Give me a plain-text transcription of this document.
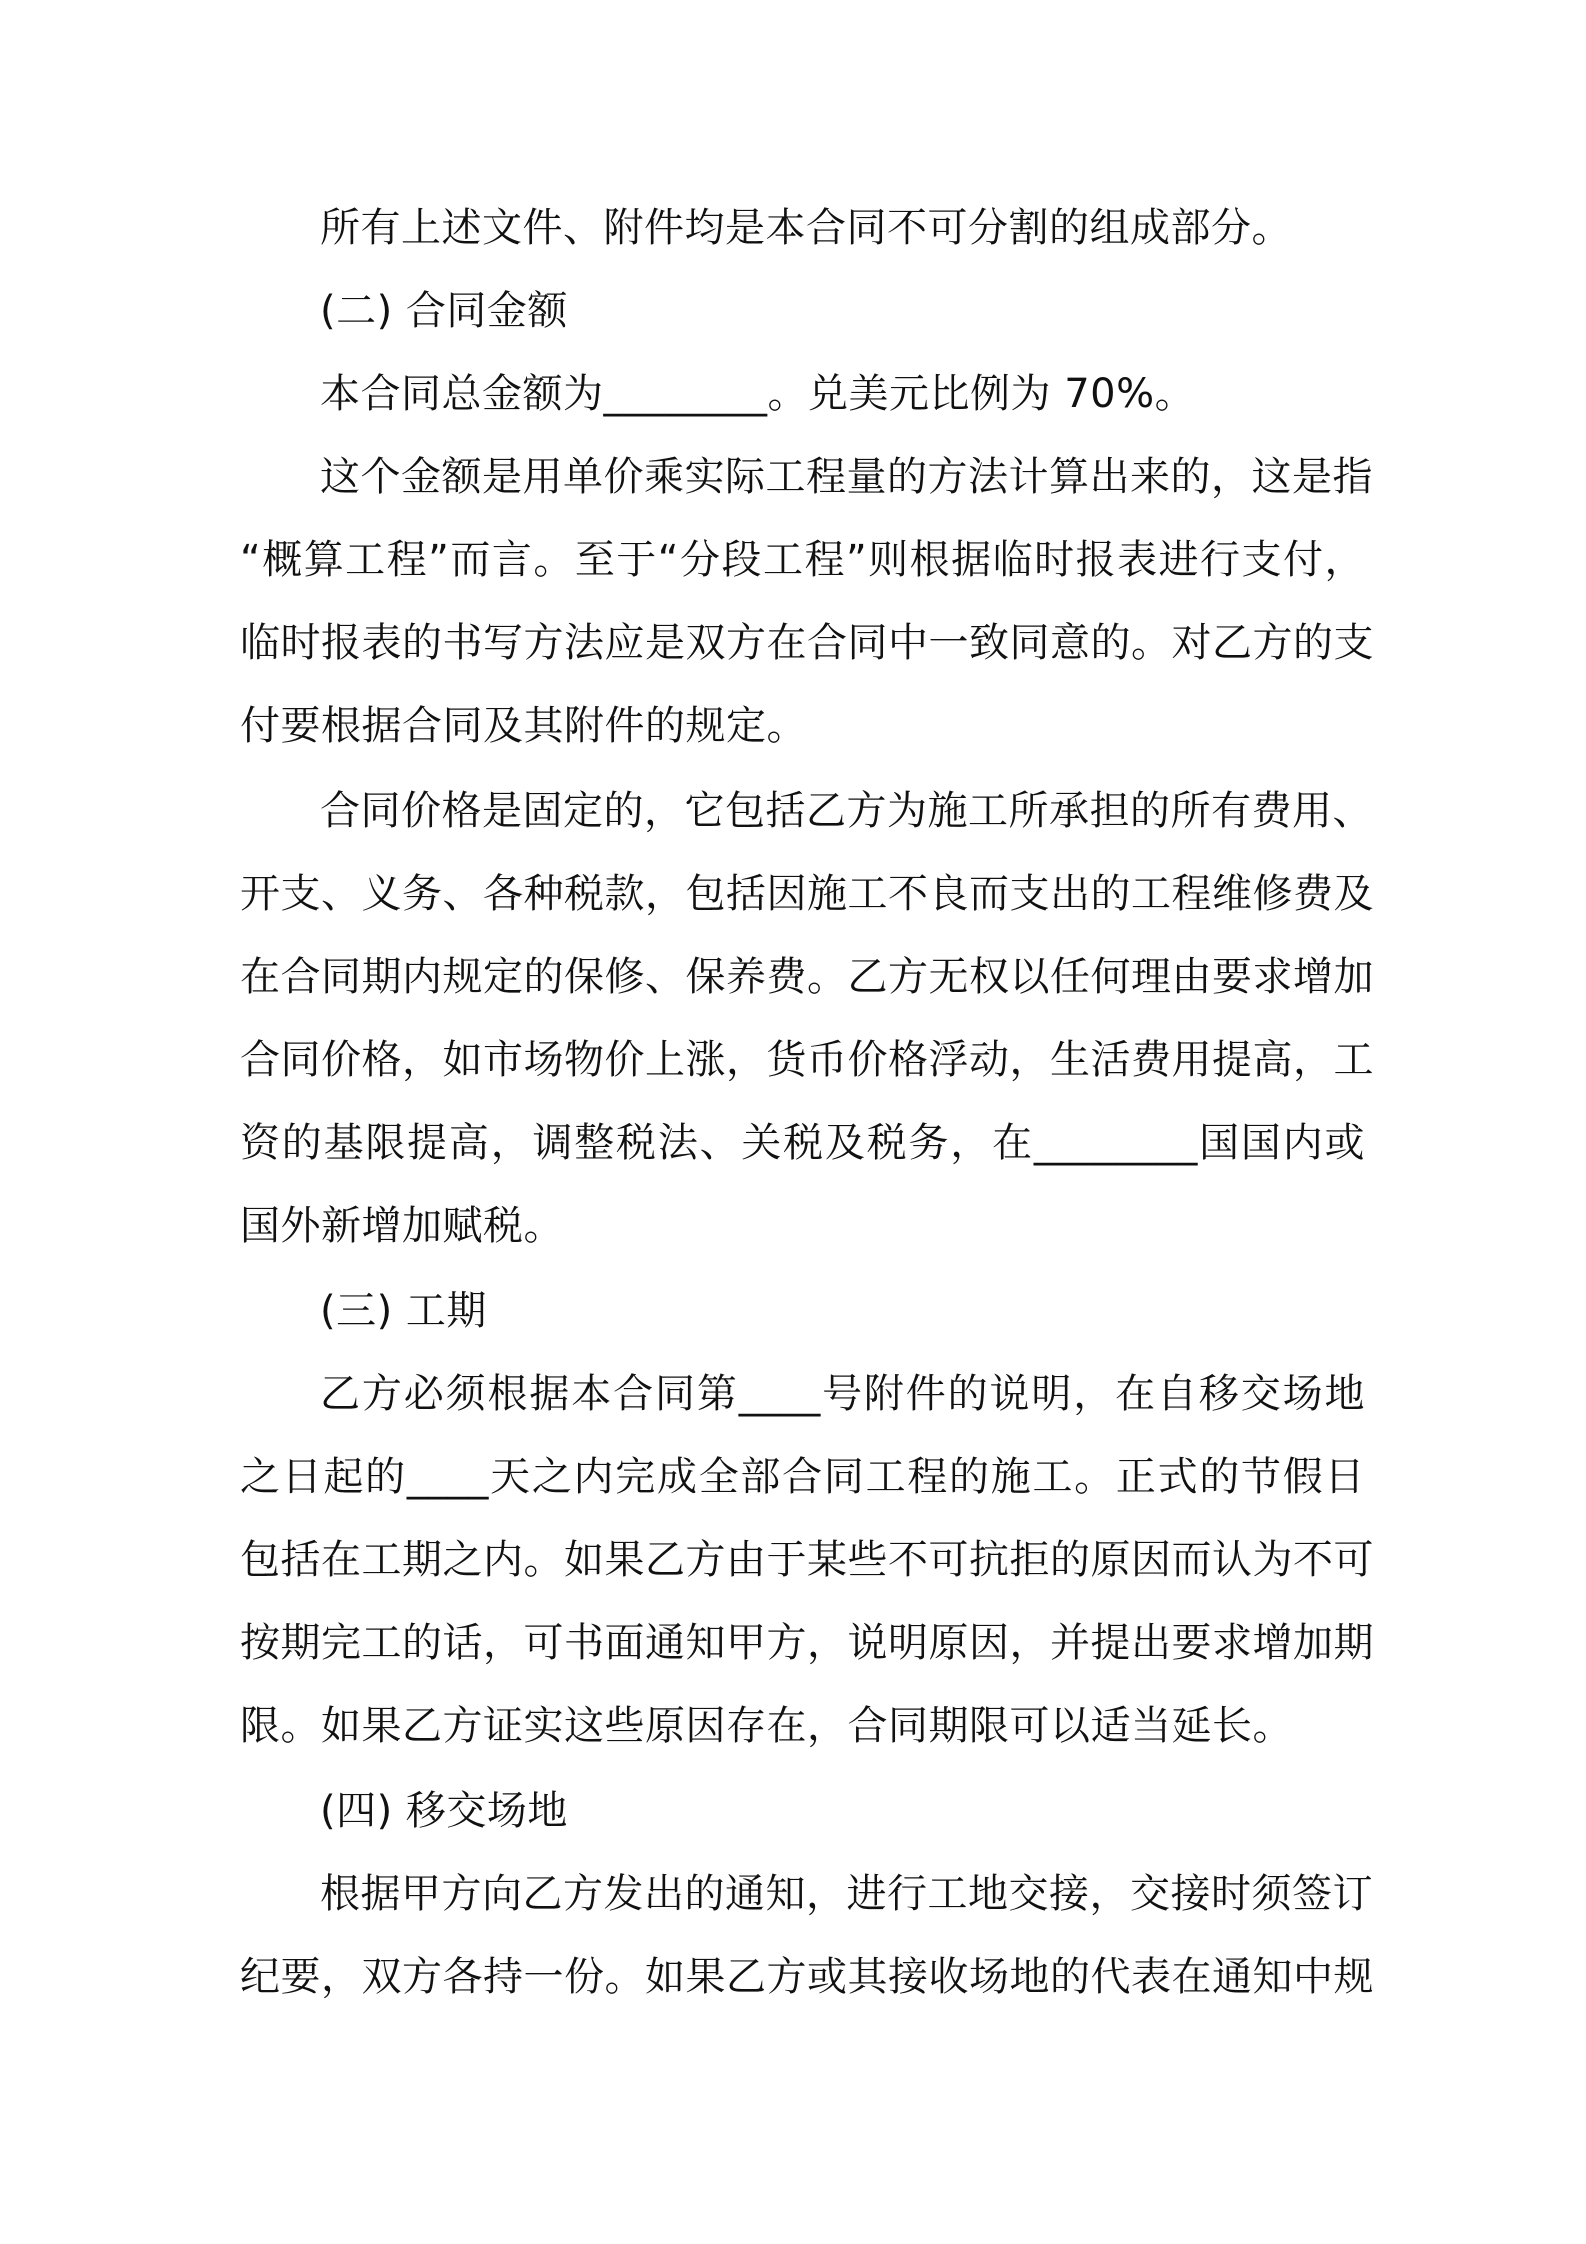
所有上述文件、附件均是本合同不可分割的组成部分。
(二) 合同金额
本合同总金额为________。兑美元比例为 70%。
这个金额是用单价乘实际工程量的方法计算出来的，这是指
“概算工程”而言。至于“分段工程”则根据临时报表进行支付，
临时报表的书写方法应是双方在合同中一致同意的。对乙方的支
付要根据合同及其附件的规定。
合同价格是固定的，它包括乙方为施工所承担的所有费用、
开支、义务、各种税款，包括因施工不良而支出的工程维修费及
在合同期内规定的保修、保养费。乙方无权以任何理由要求增加
合同价格，如市场物价上涨，货币价格浮动，生活费用提高，工
资的基限提高，调整税法、关税及税务，在________国国内或
国外新增加赋税。
(三) 工期
乙方必须根据本合同第____号附件的说明，在自移交场地
之日起的____天之内完成全部合同工程的施工。正式的节假日
包括在工期之内。如果乙方由于某些不可抗拒的原因而认为不可
按期完工的话，可书面通知甲方，说明原因，并提出要求增加期
限。如果乙方证实这些原因存在，合同期限可以适当延长。
(四) 移交场地
根据甲方向乙方发出的通知，进行工地交接，交接时须签订
纪要，双方各持一份。如果乙方或其接收场地的代表在通知中规
